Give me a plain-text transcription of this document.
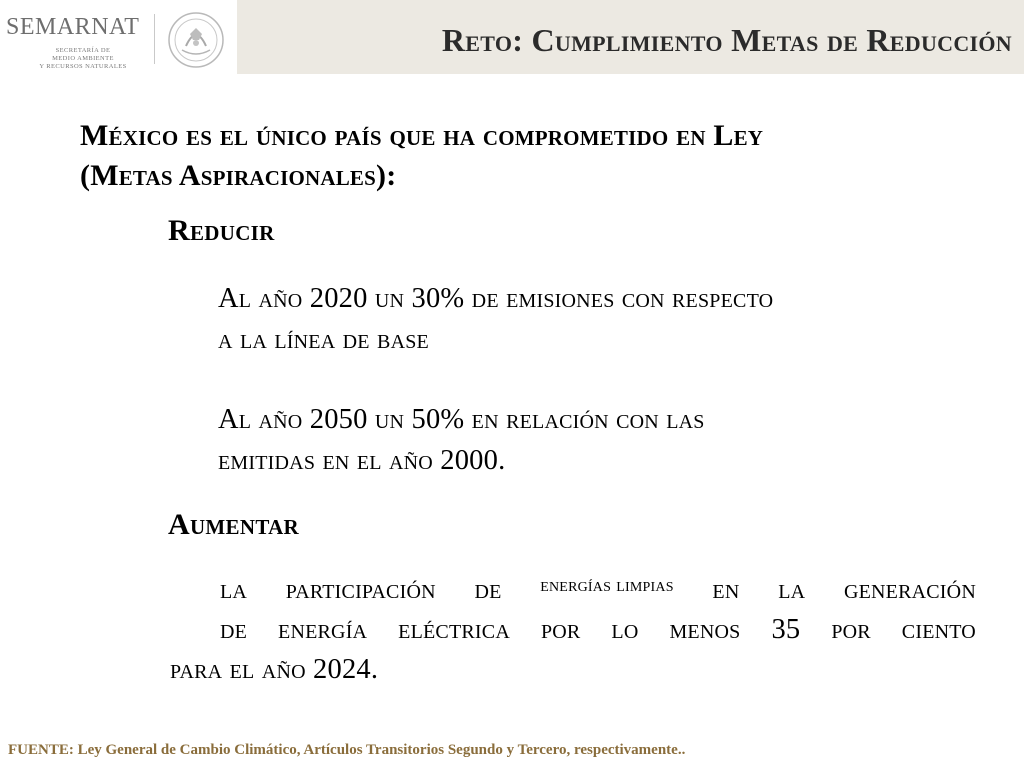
SEMARNAT
SECRETARÍA DE
MEDIO AMBIENTE
Y RECURSOS NATURALES
Reto: Cumplimiento Metas de Reducción
México es el único país que ha comprometido en Ley
(Metas Aspiracionales):
Reducir
Al año 2020 un 30% de emisiones con respecto
a la línea de base
Al año 2050 un 50% en relación con las
emitidas en el año 2000.
Aumentar
la participación de energías limpias en la generación
de energía eléctrica por lo menos 35 por ciento
para el año 2024.
FUENTE: Ley General de Cambio Climático, Artículos Transitorios Segundo y Tercero, respectivamente..
